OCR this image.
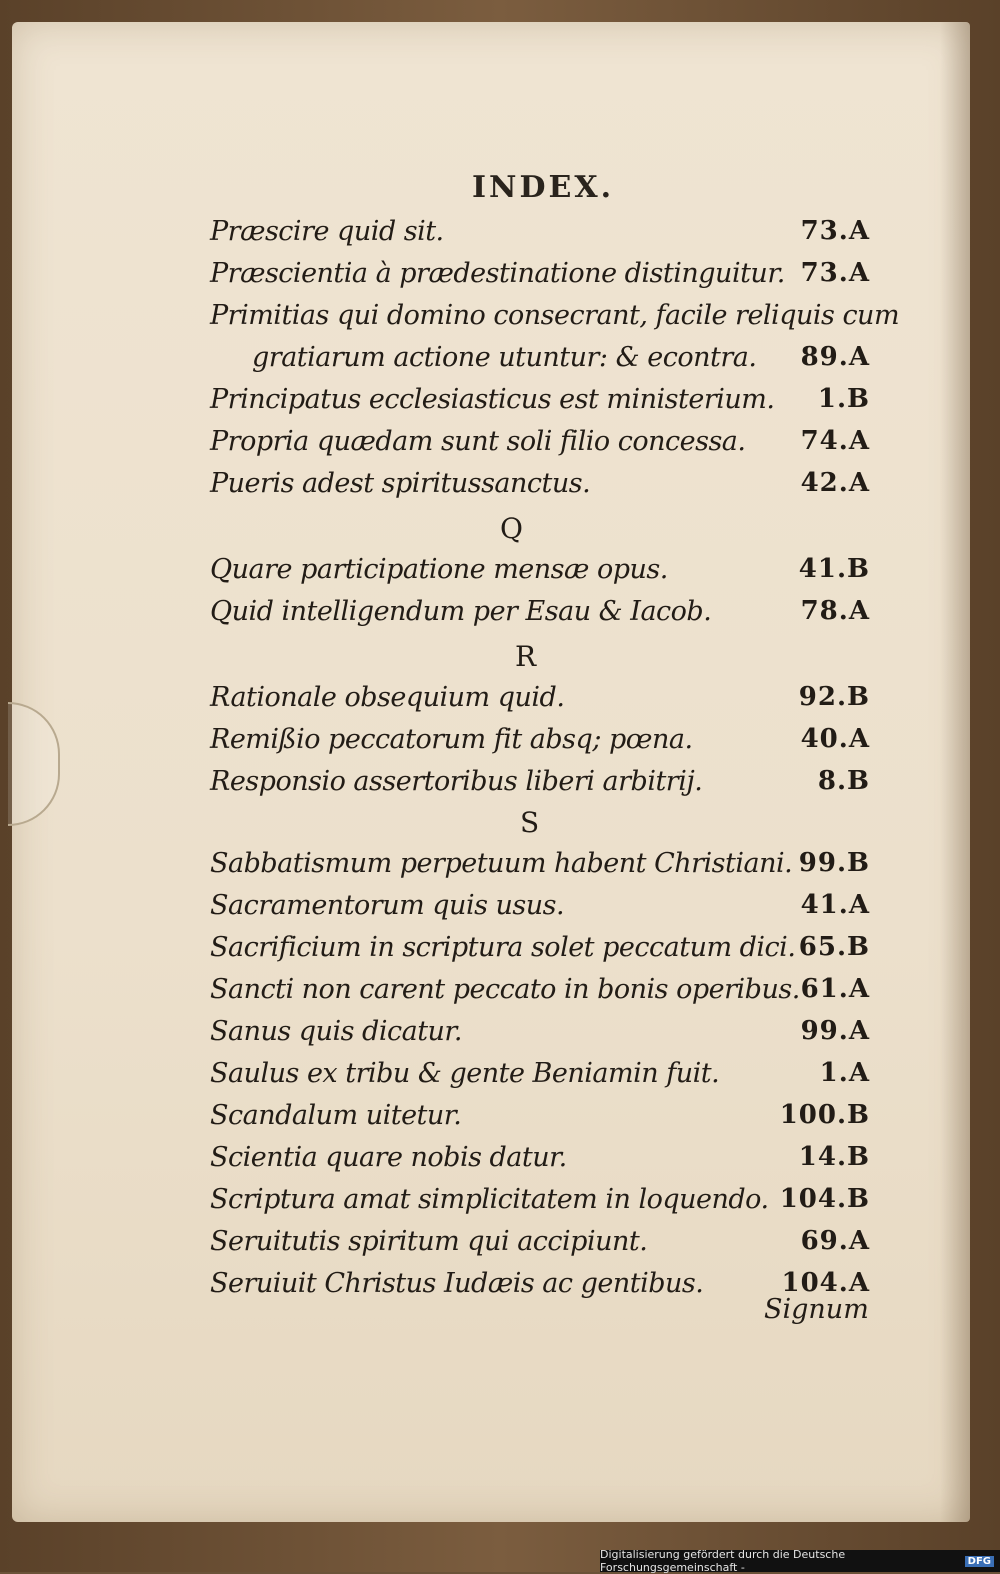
INDEX.
Præscire quid sit.	73.A
Præscientia à prædestinatione distinguitur. 73.A
Primitias qui domino consecrant, facile reliquis cum
gratiarum actione utuntur: & econtra. 89.A
Principatus ecclesiasticus est ministerium. 1.B
Propria quædam sunt soli filio concessa. 74.A
Pueris adest spiritussanctus.	42.A
Q
Quare participatione mensæ opus.	41.B
Quid intelligendum per Esau & Iacob.	78.A
R
Rationale obsequium quid.	92.B
Remißio peccatorum fit absq; pœna.	40.A
Responsio assertoribus liberi arbitrij.	8.B
S
Sabbatismum perpetuum habent Christiani. 99.B
Sacramentorum quis usus.	41.A
Sacrificium in scriptura solet peccatum dici. 65.B
Sancti non carent peccato in bonis operibus. 61.A
Sanus quis dicatur.	99.A
Saulus ex tribu & gente Beniamin fuit.	1.A
Scandalum uitetur.	100.B
Scientia quare nobis datur.	14.B
Scriptura amat simplicitatem in loquendo. 104.B
Seruitutis spiritum qui accipiunt.	69.A
Seruiuit Christus Iudæis ac gentibus.	104.A
Signum
Digitalisierung gefördert durch die Deutsche Forschungsgemeinschaft -	DFG
